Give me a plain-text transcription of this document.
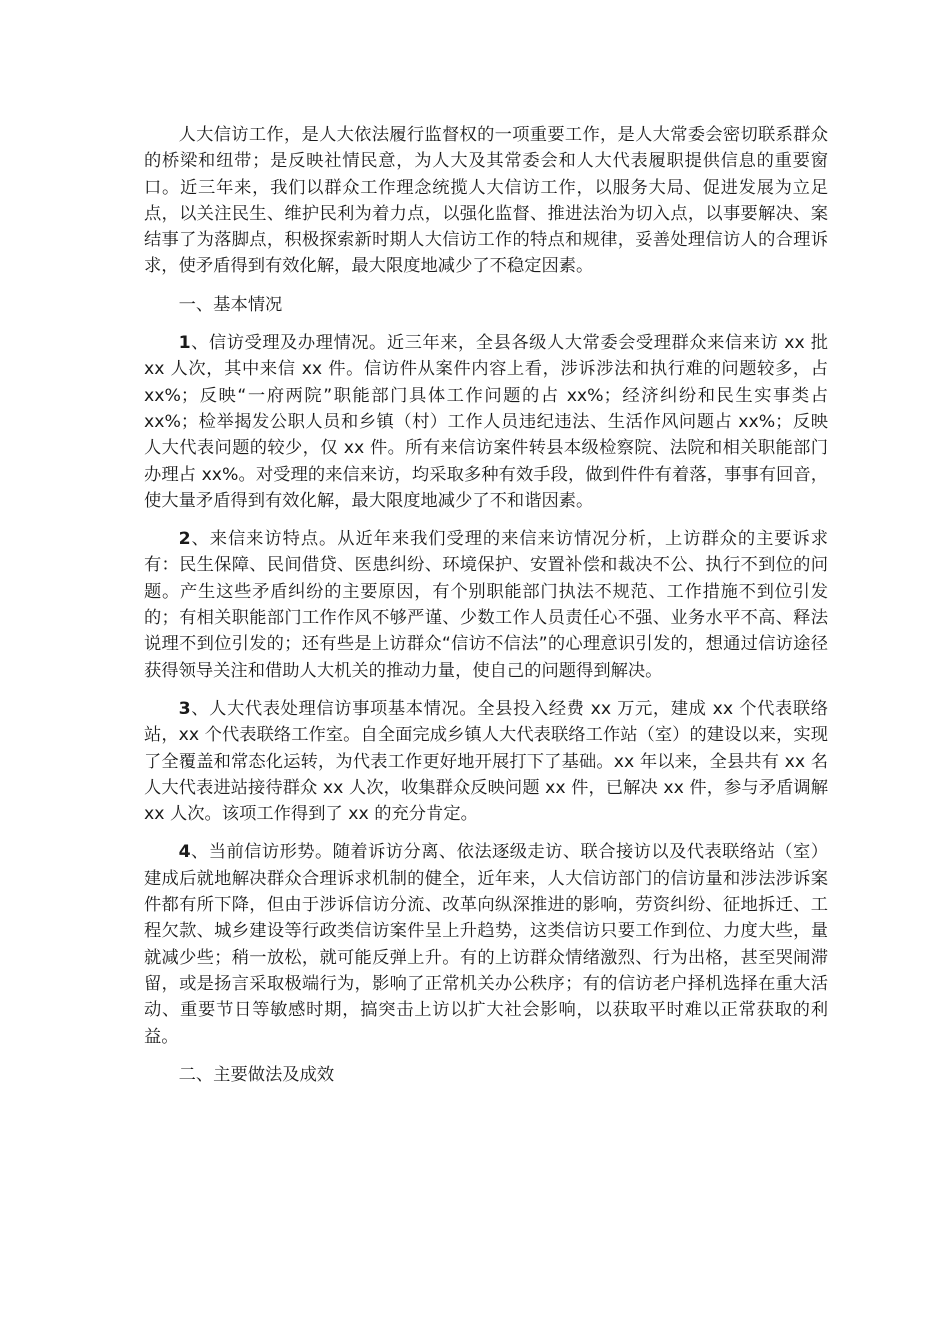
人大信访工作，是人大依法履行监督权的一项重要工作，是人大常委会密切联系群众的桥梁和纽带；是反映社情民意，为人大及其常委会和人大代表履职提供信息的重要窗口。近三年来，我们以群众工作理念统揽人大信访工作，以服务大局、促进发展为立足点，以关注民生、维护民利为着力点，以强化监督、推进法治为切入点，以事要解决、案结事了为落脚点，积极探索新时期人大信访工作的特点和规律，妥善处理信访人的合理诉求，使矛盾得到有效化解，最大限度地减少了不稳定因素。

一、基本情况

1、信访受理及办理情况。近三年来，全县各级人大常委会受理群众来信来访 xx 批 xx 人次，其中来信 xx 件。信访件从案件内容上看，涉诉涉法和执行难的问题较多，占 xx%；反映“一府两院”职能部门具体工作问题的占 xx%；经济纠纷和民生实事类占 xx%；检举揭发公职人员和乡镇（村）工作人员违纪违法、生活作风问题占 xx%；反映人大代表问题的较少，仅 xx 件。所有来信访案件转县本级检察院、法院和相关职能部门办理占 xx%。对受理的来信来访，均采取多种有效手段，做到件件有着落，事事有回音，使大量矛盾得到有效化解，最大限度地减少了不和谐因素。

2、来信来访特点。从近年来我们受理的来信来访情况分析，上访群众的主要诉求有：民生保障、民间借贷、医患纠纷、环境保护、安置补偿和裁决不公、执行不到位的问题。产生这些矛盾纠纷的主要原因，有个别职能部门执法不规范、工作措施不到位引发的；有相关职能部门工作作风不够严谨、少数工作人员责任心不强、业务水平不高、释法说理不到位引发的；还有些是上访群众“信访不信法”的心理意识引发的，想通过信访途径获得领导关注和借助人大机关的推动力量，使自己的问题得到解决。

3、人大代表处理信访事项基本情况。全县投入经费 xx 万元，建成 xx 个代表联络站，xx 个代表联络工作室。自全面完成乡镇人大代表联络工作站（室）的建设以来，实现了全覆盖和常态化运转，为代表工作更好地开展打下了基础。xx 年以来，全县共有 xx 名人大代表进站接待群众 xx 人次，收集群众反映问题 xx 件，已解决 xx 件，参与矛盾调解 xx 人次。该项工作得到了 xx 的充分肯定。

4、当前信访形势。随着诉访分离、依法逐级走访、联合接访以及代表联络站（室）建成后就地解决群众合理诉求机制的健全，近年来，人大信访部门的信访量和涉法涉诉案件都有所下降，但由于涉诉信访分流、改革向纵深推进的影响，劳资纠纷、征地拆迁、工程欠款、城乡建设等行政类信访案件呈上升趋势，这类信访只要工作到位、力度大些，量就减少些；稍一放松，就可能反弹上升。有的上访群众情绪激烈、行为出格，甚至哭闹滞留，或是扬言采取极端行为，影响了正常机关办公秩序；有的信访老户择机选择在重大活动、重要节日等敏感时期，搞突击上访以扩大社会影响，以获取平时难以正常获取的利益。

二、主要做法及成效
